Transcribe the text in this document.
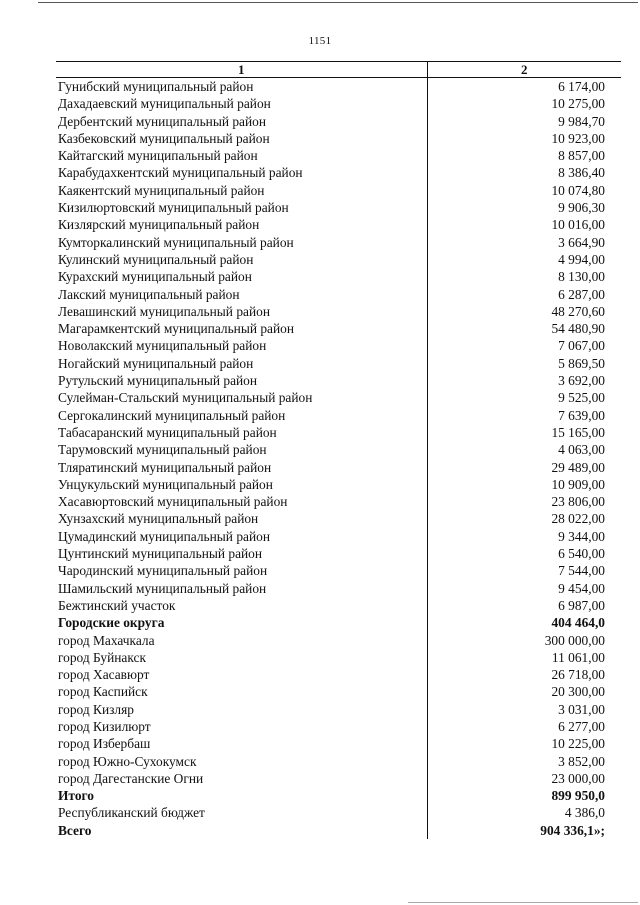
1151
1	2
Гунибский муниципальный район	6 174,00
Дахадаевский муниципальный район	10 275,00
Дербентский муниципальный район	9 984,70
Казбековский муниципальный район	10 923,00
Кайтагский муниципальный район	8 857,00
Карабудахкентский муниципальный район	8 386,40
Каякентский муниципальный район	10 074,80
Кизилюртовский муниципальный район	9 906,30
Кизлярский муниципальный район	10 016,00
Кумторкалинский муниципальный район	3 664,90
Кулинский муниципальный район	4 994,00
Курахский муниципальный район	8 130,00
Лакский муниципальный район	6 287,00
Левашинский муниципальный район	48 270,60
Магарамкентский муниципальный район	54 480,90
Новолакский муниципальный район	7 067,00
Ногайский муниципальный район	5 869,50
Рутульский муниципальный район	3 692,00
Сулейман-Стальский муниципальный район	9 525,00
Сергокалинский муниципальный район	7 639,00
Табасаранский муниципальный район	15 165,00
Тарумовский муниципальный район	4 063,00
Тляратинский муниципальный район	29 489,00
Унцукульский муниципальный район	10 909,00
Хасавюртовский муниципальный район	23 806,00
Хунзахский муниципальный район	28 022,00
Цумадинский муниципальный район	9 344,00
Цунтинский муниципальный район	6 540,00
Чародинский муниципальный район	7 544,00
Шамильский муниципальный район	9 454,00
Бежтинский участок	6 987,00
Городские округа	404 464,0
город Махачкала	300 000,00
город Буйнакск	11 061,00
город Хасавюрт	26 718,00
город Каспийск	20 300,00
город Кизляр	3 031,00
город Кизилюрт	6 277,00
город Избербаш	10 225,00
город Южно-Сухокумск	3 852,00
город Дагестанские Огни	23 000,00
Итого	899 950,0
Республиканский бюджет	4 386,0
Всего	904 336,1»;
